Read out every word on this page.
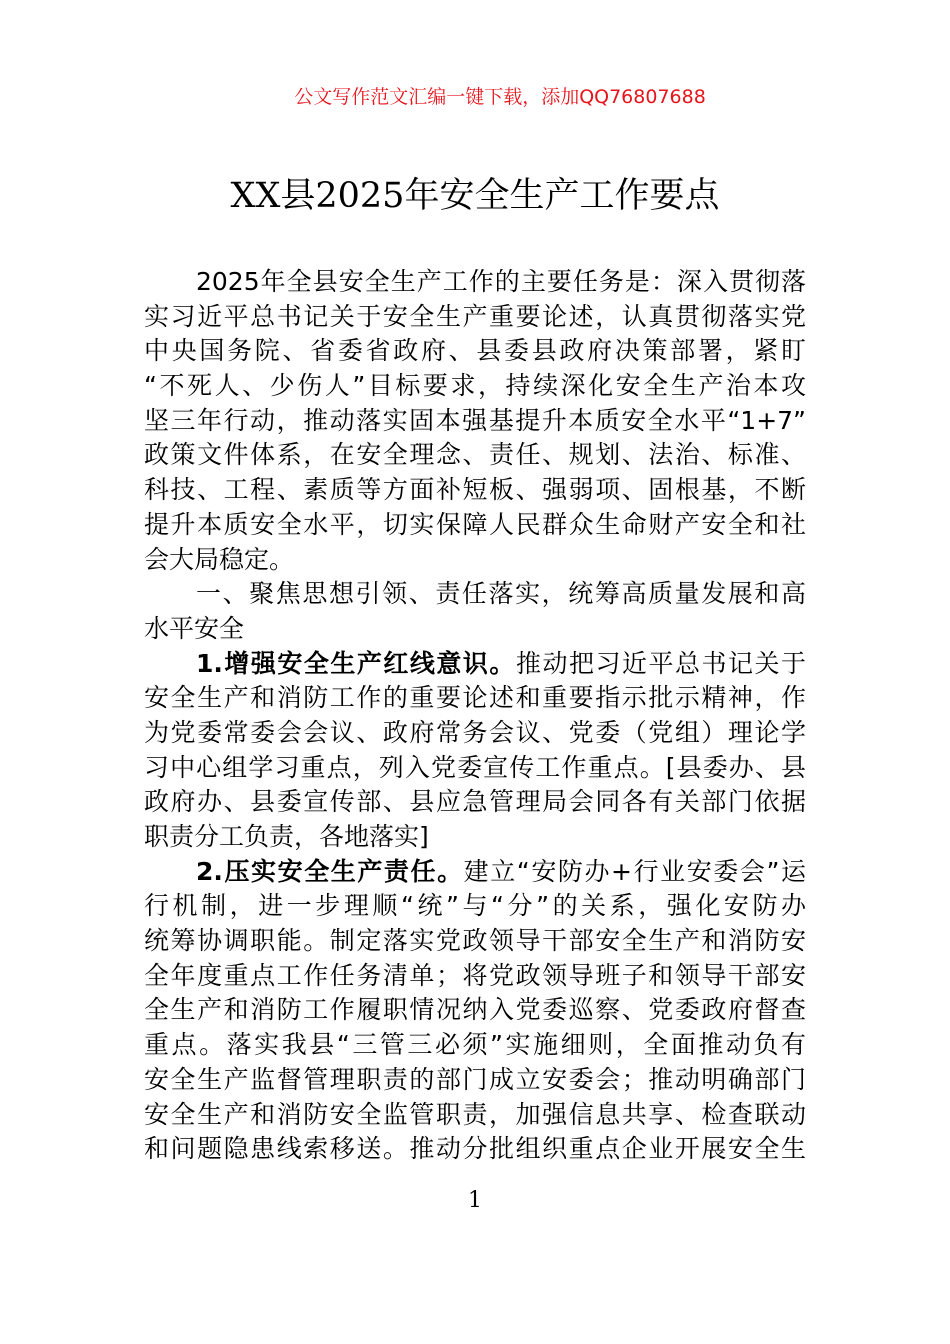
公文写作范文汇编一键下载，添加QQ76807688
XX县2025年安全生产工作要点
2025年全县安全生产工作的主要任务是：深入贯彻落
实习近平总书记关于安全生产重要论述，认真贯彻落实党
中央国务院、省委省政府、县委县政府决策部署，紧盯
“不死人、少伤人”目标要求，持续深化安全生产治本攻
坚三年行动，推动落实固本强基提升本质安全水平“1+7”
政策文件体系，在安全理念、责任、规划、法治、标准、
科技、工程、素质等方面补短板、强弱项、固根基，不断
提升本质安全水平，切实保障人民群众生命财产安全和社
会大局稳定。
一、聚焦思想引领、责任落实，统筹高质量发展和高
水平安全
1.增强安全生产红线意识。推动把习近平总书记关于
安全生产和消防工作的重要论述和重要指示批示精神，作
为党委常委会会议、政府常务会议、党委（党组）理论学
习中心组学习重点，列入党委宣传工作重点。[县委办、县
政府办、县委宣传部、县应急管理局会同各有关部门依据
职责分工负责，各地落实]
2.压实安全生产责任。建立“安防办+行业安委会”运
行机制，进一步理顺“统”与“分”的关系，强化安防办
统筹协调职能。制定落实党政领导干部安全生产和消防安
全年度重点工作任务清单；将党政领导班子和领导干部安
全生产和消防工作履职情况纳入党委巡察、党委政府督查
重点。落实我县“三管三必须”实施细则，全面推动负有
安全生产监督管理职责的部门成立安委会；推动明确部门
安全生产和消防安全监管职责，加强信息共享、检查联动
和问题隐患线索移送。推动分批组织重点企业开展安全生
1
